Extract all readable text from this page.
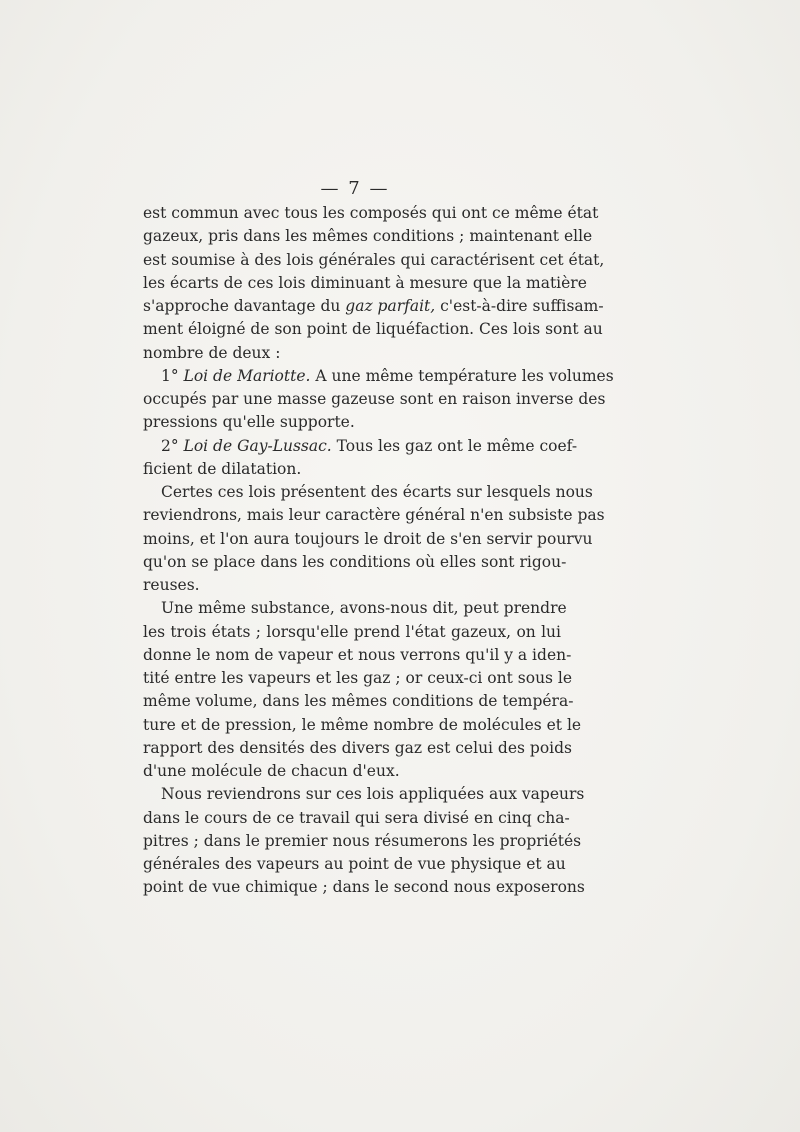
— 7 —
est commun avec tous les composés qui ont ce même état
gazeux, pris dans les mêmes conditions ; maintenant elle
est soumise à des lois générales qui caractérisent cet état,
les écarts de ces lois diminuant à mesure que la matière
s'approche davantage du gaz parfait, c'est-à-dire suffisam-
ment éloigné de son point de liquéfaction. Ces lois sont au
nombre de deux :
1° Loi de Mariotte. A une même température les volumes
occupés par une masse gazeuse sont en raison inverse des
pressions qu'elle supporte.
2° Loi de Gay-Lussac. Tous les gaz ont le même coef-
ficient de dilatation.
Certes ces lois présentent des écarts sur lesquels nous
reviendrons, mais leur caractère général n'en subsiste pas
moins, et l'on aura toujours le droit de s'en servir pourvu
qu'on se place dans les conditions où elles sont rigou-
reuses.
Une même substance, avons-nous dit, peut prendre
les trois états ; lorsqu'elle prend l'état gazeux, on lui
donne le nom de vapeur et nous verrons qu'il y a iden-
tité entre les vapeurs et les gaz ; or ceux-ci ont sous le
même volume, dans les mêmes conditions de tempéra-
ture et de pression, le même nombre de molécules et le
rapport des densités des divers gaz est celui des poids
d'une molécule de chacun d'eux.
Nous reviendrons sur ces lois appliquées aux vapeurs
dans le cours de ce travail qui sera divisé en cinq cha-
pitres ; dans le premier nous résumerons les propriétés
générales des vapeurs au point de vue physique et au
point de vue chimique ; dans le second nous exposerons
